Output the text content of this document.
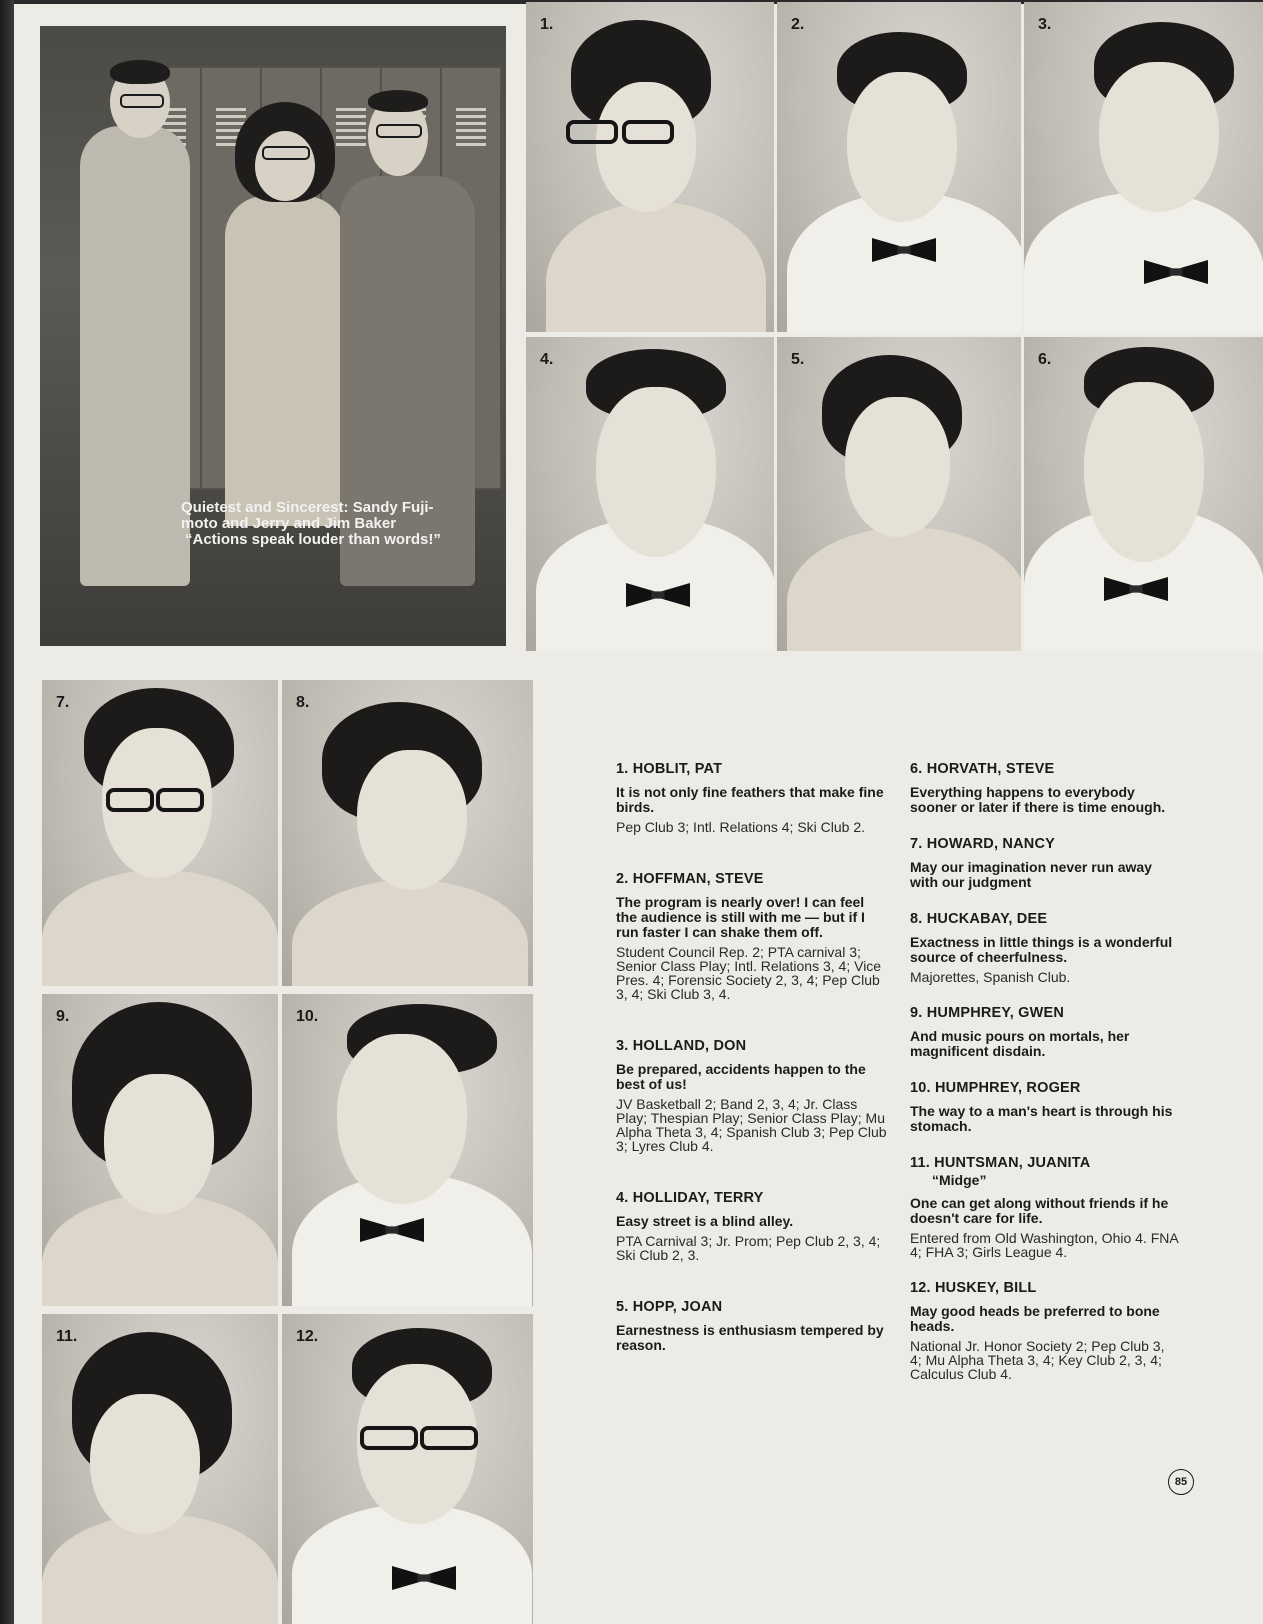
Quietest and Sincerest: Sandy Fuji-
moto and Jerry and Jim Baker
“Actions speak louder than words!”
1.	2.	3.
4.	5.	6.
7.	8.
9.	10.
11.	12.
1. HOBLIT, PAT
It is not only fine feathers that make fine birds.
Pep Club 3; Intl. Relations 4; Ski Club 2.
2. HOFFMAN, STEVE
The program is nearly over! I can feel the audience is still with me — but if I run faster I can shake them off.
Student Council Rep. 2; PTA carnival 3; Senior Class Play; Intl. Relations 3, 4; Vice Pres. 4; Forensic Society 2, 3, 4; Pep Club 3, 4; Ski Club 3, 4.
3. HOLLAND, DON
Be prepared, accidents happen to the best of us!
JV Basketball 2; Band 2, 3, 4; Jr. Class Play; Thespian Play; Senior Class Play; Mu Alpha Theta 3, 4; Spanish Club 3; Pep Club 3; Lyres Club 4.
4. HOLLIDAY, TERRY
Easy street is a blind alley.
PTA Carnival 3; Jr. Prom; Pep Club 2, 3, 4; Ski Club 2, 3.
5. HOPP, JOAN
Earnestness is enthusiasm tempered by reason.
6. HORVATH, STEVE
Everything happens to everybody sooner or later if there is time enough.
7. HOWARD, NANCY
May our imagination never run away with our judgment
8. HUCKABAY, DEE
Exactness in little things is a wonderful source of cheerfulness.
Majorettes, Spanish Club.
9. HUMPHREY, GWEN
And music pours on mortals, her magnificent disdain.
10. HUMPHREY, ROGER
The way to a man's heart is through his stomach.
11. HUNTSMAN, JUANITA
“Midge”
One can get along without friends if he doesn't care for life.
Entered from Old Washington, Ohio 4. FNA 4; FHA 3; Girls League 4.
12. HUSKEY, BILL
May good heads be preferred to bone heads.
National Jr. Honor Society 2; Pep Club 3, 4; Mu Alpha Theta 3, 4; Key Club 2, 3, 4; Calculus Club 4.
85
